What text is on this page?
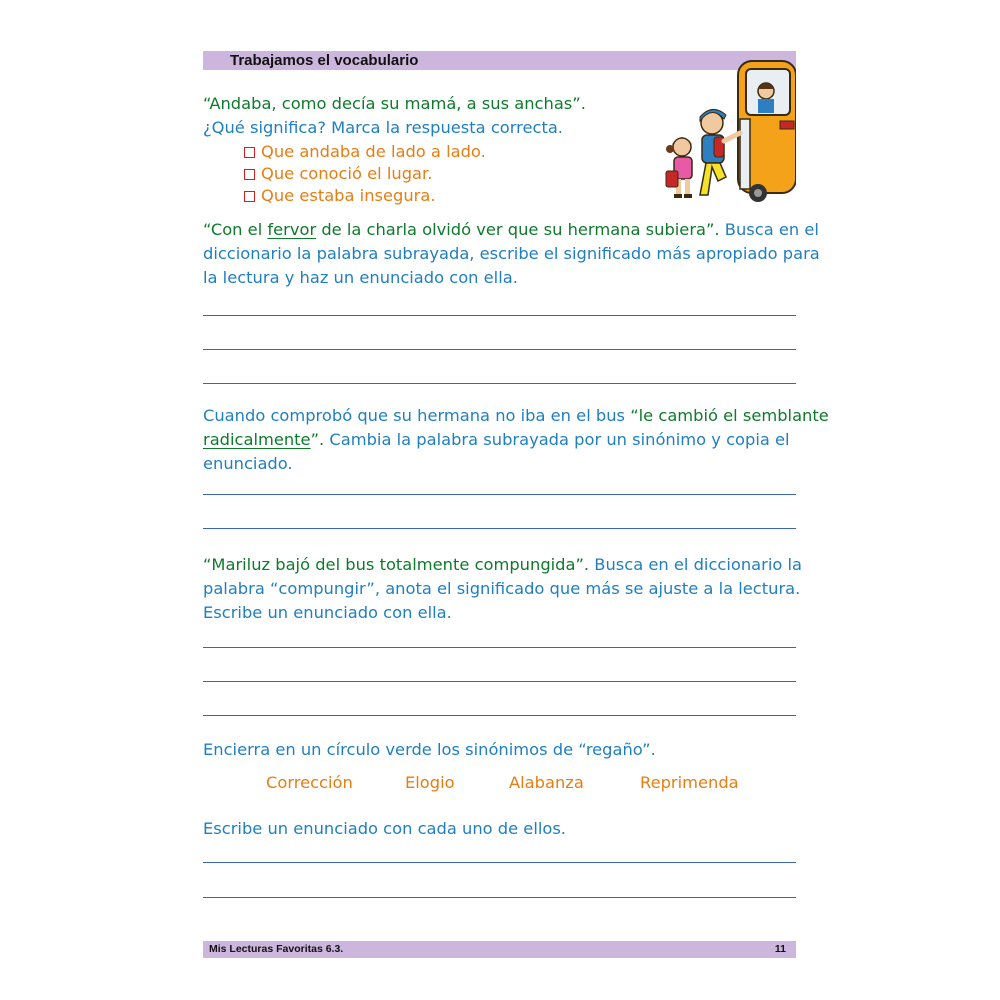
Trabajamos el vocabulario
“Andaba, como decía su mamá, a sus anchas”.
¿Qué significa? Marca la respuesta correcta.
Que andaba de lado a lado.
Que conoció el lugar.
Que estaba insegura.
“Con el fervor de la charla olvidó ver que su hermana subiera”. Busca en el
diccionario la palabra subrayada, escribe el significado más apropiado para
la lectura y haz un enunciado con ella.
Cuando comprobó que su hermana no iba en el bus “le cambió el semblante
radicalmente”. Cambia la palabra subrayada por un sinónimo y copia el
enunciado.
“Mariluz bajó del bus totalmente compungida”. Busca en el diccionario la
palabra “compungir”, anota el significado que más se ajuste a la lectura.
Escribe un enunciado con ella.
Encierra en un círculo verde los sinónimos de “regaño”.
Corrección	Elogio	Alabanza	Reprimenda
Escribe un enunciado con cada uno de ellos.
Mis Lecturas Favoritas 6.3.	11
